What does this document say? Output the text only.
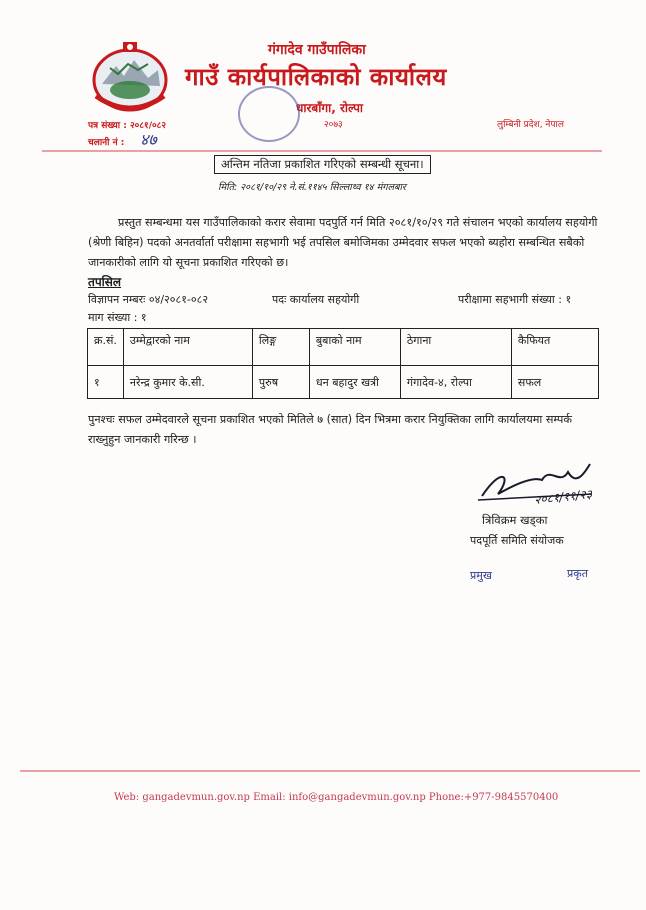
गंगादेव गाउँपालिका
गाउँ कार्यपालिकाको कार्यालय
धारबाँगा, रोल्पा
२०७३	लुम्बिनी प्रदेश, नेपाल
पत्र संख्या : २०८१/०८२
चलानी नं : ४७
अन्तिम नतिजा प्रकाशित गरिएको सम्बन्धी सूचना।
मिति: २०८१/१०/२९ ने.सं.११४५ सिल्लाथ्व १४ मंगलबार
प्रस्तुत सम्बन्धमा यस गाउँपालिकाको करार सेवामा पदपुर्ति गर्न मिति २०८१/१०/२९ गते संचालन भएको कार्यालय सहयोगी (श्रेणी बिहिन) पदको अनतर्वार्ता परीक्षामा सहभागी भई तपसिल बमोजिमका उम्मेदवार सफल भएको ब्यहोरा सम्बन्धित सबैको जानकारीको लागि यो सूचना प्रकाशित गरिएको छ।
तपसिल
विज्ञापन नम्बरः ०४/२०८१-०८२	पदः कार्यालय सहयोगी	परीक्षामा सहभागी संख्या : १
माग संख्या : १
क्र.सं.	उम्मेद्वारको नाम	लिङ्ग	बुबाको नाम	ठेगाना	कैफियत
१	नरेन्द्र कुमार के.सी.	पुरुष	धन बहादुर खत्री	गंगादेव-४, रोल्पा	सफल
पुनश्चः सफल उम्मेदवारले सूचना प्रकाशित भएको मितिले ७ (सात) दिन भित्रमा करार नियुक्तिका लागि कार्यालयमा सम्पर्क राख्नुहुन जानकारी गरिन्छ ।
२०८१/११/२३
त्रिविक्रम खड्का
पदपूर्ति समिति संयोजक
प्रमुख	प्रकृत
Web: gangadevmun.gov.np Email: info@gangadevmun.gov.np Phone:+977-9845570400
